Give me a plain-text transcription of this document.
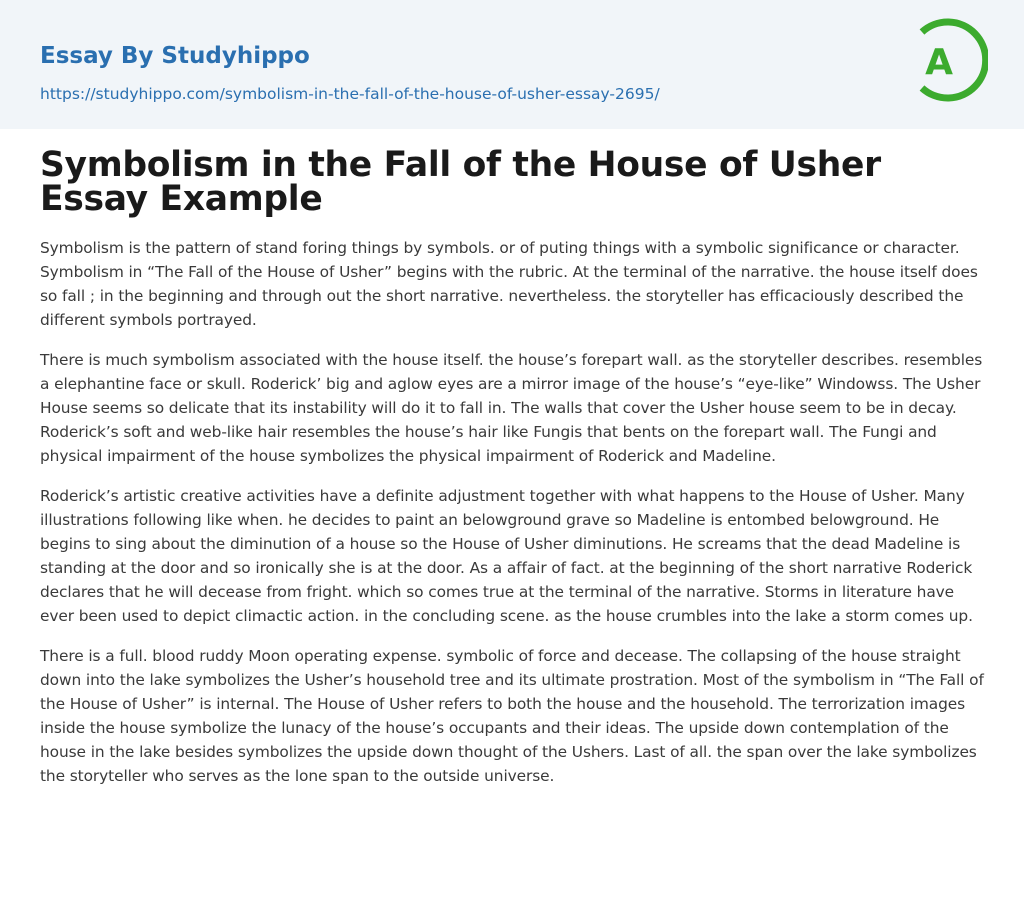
Essay By Studyhippo
https://studyhippo.com/symbolism-in-the-fall-of-the-house-of-usher-essay-2695/
A
Symbolism in the Fall of the House of Usher Essay Example

Symbolism is the pattern of stand foring things by symbols. or of puting things with a symbolic significance or character. Symbolism in “The Fall of the House of Usher” begins with the rubric. At the terminal of the narrative. the house itself does so fall ; in the beginning and through out the short narrative. nevertheless. the storyteller has efficaciously described the different symbols portrayed.

There is much symbolism associated with the house itself. the house’s forepart wall. as the storyteller describes. resembles a elephantine face or skull. Roderick’ big and aglow eyes are a mirror image of the house’s “eye-like” Windowss. The Usher House seems so delicate that its instability will do it to fall in. The walls that cover the Usher house seem to be in decay. Roderick’s soft and web-like hair resembles the house’s hair like Fungis that bents on the forepart wall. The Fungi and physical impairment of the house symbolizes the physical impairment of Roderick and Madeline.

Roderick’s artistic creative activities have a definite adjustment together with what happens to the House of Usher. Many illustrations following like when. he decides to paint an belowground grave so Madeline is entombed belowground. He begins to sing about the diminution of a house so the House of Usher diminutions. He screams that the dead Madeline is standing at the door and so ironically she is at the door. As a affair of fact. at the beginning of the short narrative Roderick declares that he will decease from fright. which so comes true at the terminal of the narrative. Storms in literature have ever been used to depict climactic action. in the concluding scene. as the house crumbles into the lake a storm comes up.

There is a full. blood ruddy Moon operating expense. symbolic of force and decease. The collapsing of the house straight down into the lake symbolizes the Usher’s household tree and its ultimate prostration. Most of the symbolism in “The Fall of the House of Usher” is internal. The House of Usher refers to both the house and the household. The terrorization images inside the house symbolize the lunacy of the house’s occupants and their ideas. The upside down contemplation of the house in the lake besides symbolizes the upside down thought of the Ushers. Last of all. the span over the lake symbolizes the storyteller who serves as the lone span to the outside universe.
